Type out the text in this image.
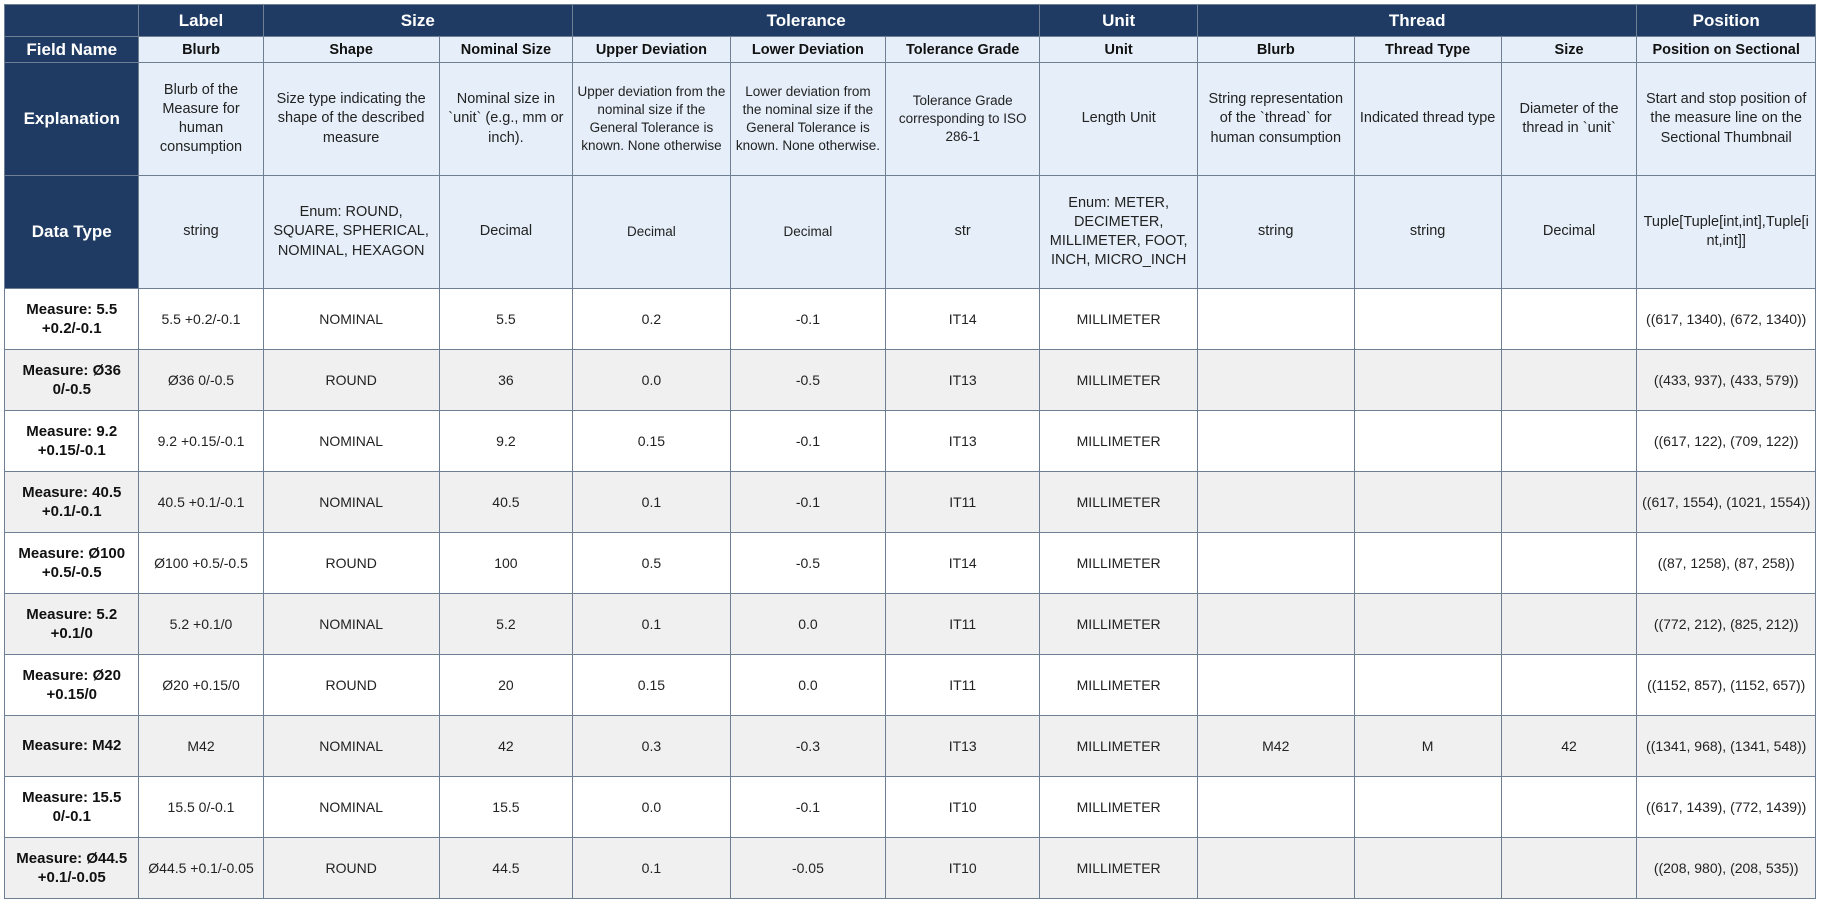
	Label	Size		Tolerance			Unit	Thread			Position
Field Name	Blurb	Shape	Nominal Size	Upper Deviation	Lower Deviation	Tolerance Grade	Unit	Blurb	Thread Type	Size	Position on Sectional
Explanation	Blurb of the Measure for human consumption	Size type indicating the shape of the described measure	Nominal size in `unit` (e.g., mm or inch).	Upper deviation from the nominal size if the General Tolerance is known. None otherwise	Lower deviation from the nominal size if the General Tolerance is known. None otherwise.	Tolerance Grade corresponding to ISO 286-1	Length Unit	String representation of the `thread` for human consumption	Indicated thread type	Diameter of the thread in `unit`	Start and stop position of the measure line on the Sectional Thumbnail
Data Type	string	Enum: ROUND, SQUARE, SPHERICAL, NOMINAL, HEXAGON	Decimal	Decimal	Decimal	str	Enum: METER, DECIMETER, MILLIMETER, FOOT, INCH, MICRO_INCH	string	string	Decimal	Tuple[Tuple[int,int],Tuple[int,int]]
Measure: 5.5 +0.2/-0.1	5.5 +0.2/-0.1	NOMINAL	5.5	0.2	-0.1	IT14	MILLIMETER				((617, 1340), (672, 1340))
Measure: Ø36 0/-0.5	Ø36 0/-0.5	ROUND	36	0.0	-0.5	IT13	MILLIMETER				((433, 937), (433, 579))
Measure: 9.2 +0.15/-0.1	9.2 +0.15/-0.1	NOMINAL	9.2	0.15	-0.1	IT13	MILLIMETER				((617, 122), (709, 122))
Measure: 40.5 +0.1/-0.1	40.5 +0.1/-0.1	NOMINAL	40.5	0.1	-0.1	IT11	MILLIMETER				((617, 1554), (1021, 1554))
Measure: Ø100 +0.5/-0.5	Ø100 +0.5/-0.5	ROUND	100	0.5	-0.5	IT14	MILLIMETER				((87, 1258), (87, 258))
Measure: 5.2 +0.1/0	5.2 +0.1/0	NOMINAL	5.2	0.1	0.0	IT11	MILLIMETER				((772, 212), (825, 212))
Measure: Ø20 +0.15/0	Ø20 +0.15/0	ROUND	20	0.15	0.0	IT11	MILLIMETER				((1152, 857), (1152, 657))
Measure: M42	M42	NOMINAL	42	0.3	-0.3	IT13	MILLIMETER	M42	M	42	((1341, 968), (1341, 548))
Measure: 15.5 0/-0.1	15.5 0/-0.1	NOMINAL	15.5	0.0	-0.1	IT10	MILLIMETER				((617, 1439), (772, 1439))
Measure: Ø44.5 +0.1/-0.05	Ø44.5 +0.1/-0.05	ROUND	44.5	0.1	-0.05	IT10	MILLIMETER				((208, 980), (208, 535))
